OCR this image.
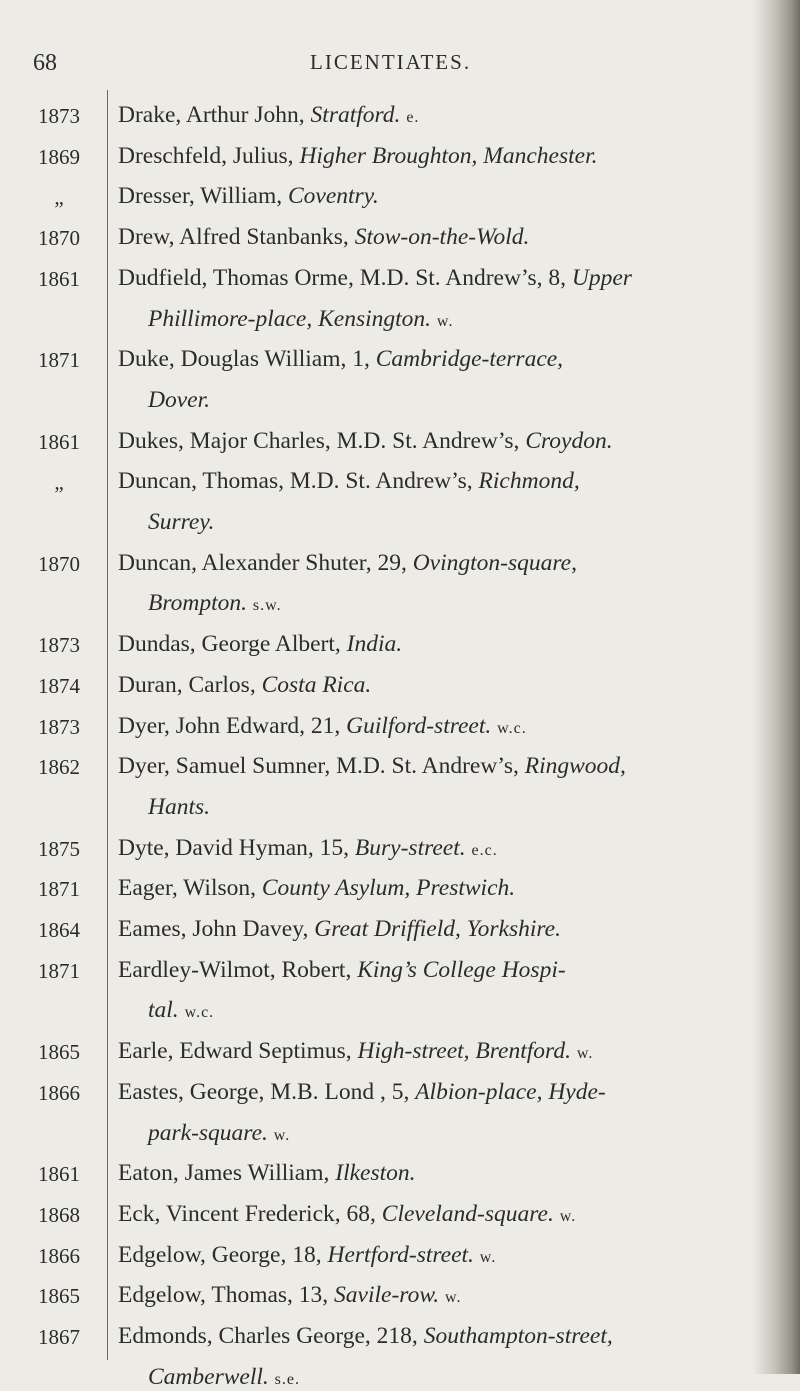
68	LICENTIATES.
1873	Drake, Arthur John, Stratford. e.
1869	Dreschfeld, Julius, Higher Broughton, Manchester.
„	Dresser, William, Coventry.
1870	Drew, Alfred Stanbanks, Stow-on-the-Wold.
1861	Dudfield, Thomas Orme, M.D. St. Andrew’s, 8, Upper
Phillimore-place, Kensington. w.
1871	Duke, Douglas William, 1, Cambridge-terrace,
Dover.
1861	Dukes, Major Charles, M.D. St. Andrew’s, Croydon.
„	Duncan, Thomas, M.D. St. Andrew’s, Richmond,
Surrey.
1870	Duncan, Alexander Shuter, 29, Ovington-square,
Brompton. s.w.
1873	Dundas, George Albert, India.
1874	Duran, Carlos, Costa Rica.
1873	Dyer, John Edward, 21, Guilford-street. w.c.
1862	Dyer, Samuel Sumner, M.D. St. Andrew’s, Ringwood,
Hants.
1875	Dyte, David Hyman, 15, Bury-street. e.c.
1871	Eager, Wilson, County Asylum, Prestwich.
1864	Eames, John Davey, Great Driffield, Yorkshire.
1871	Eardley-Wilmot, Robert, King’s College Hospi-
tal. w.c.
1865	Earle, Edward Septimus, High-street, Brentford. w.
1866	Eastes, George, M.B. Lond , 5, Albion-place, Hyde-
park-square. w.
1861	Eaton, James William, Ilkeston.
1868	Eck, Vincent Frederick, 68, Cleveland-square. w.
1866	Edgelow, George, 18, Hertford-street. w.
1865	Edgelow, Thomas, 13, Savile-row. w.
1867	Edmonds, Charles George, 218, Southampton-street,
Camberwell. s.e.
